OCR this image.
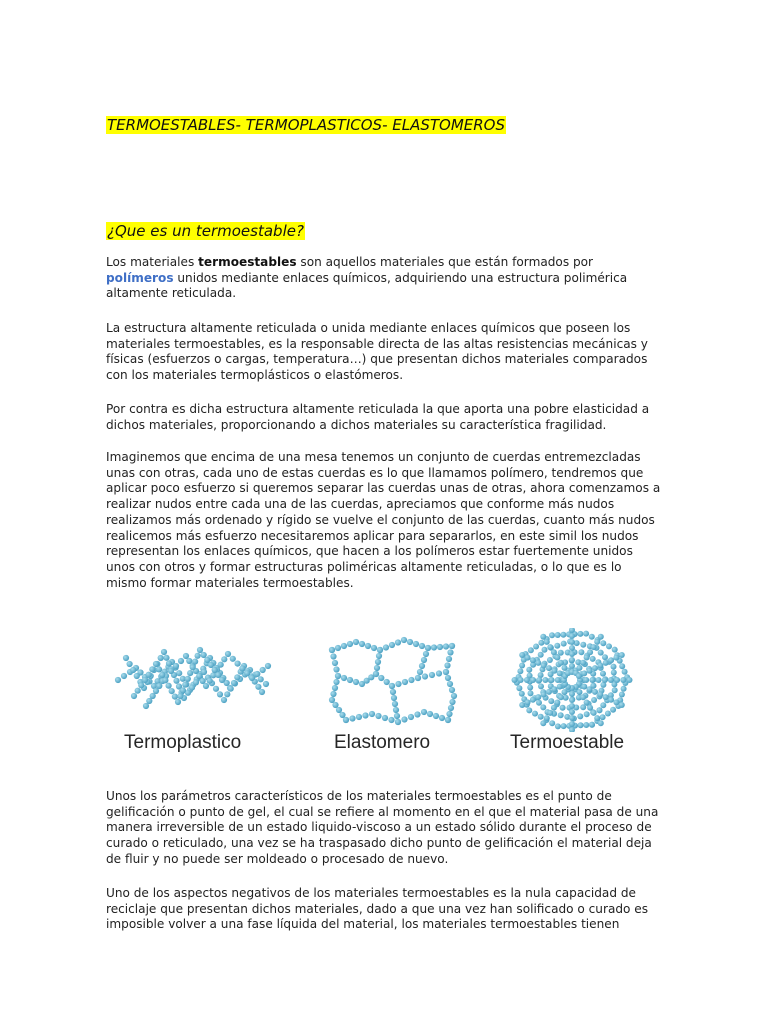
TERMOESTABLES- TERMOPLASTICOS- ELASTOMEROS
¿Que es un termoestable?

Los materiales termoestables son aquellos materiales que están formados por polímeros unidos mediante enlaces químicos, adquiriendo una estructura polimérica altamente reticulada.

La estructura altamente reticulada o unida mediante enlaces químicos que poseen los materiales termoestables, es la responsable directa de las altas resistencias mecánicas y físicas (esfuerzos o cargas, temperatura…) que presentan dichos materiales comparados con los materiales termoplásticos o elastómeros.

Por contra es dicha estructura altamente reticulada la que aporta una pobre elasticidad a dichos materiales, proporcionando a dichos materiales su característica fragilidad.

Imaginemos que encima de una mesa tenemos un conjunto de cuerdas entremezcladas unas con otras, cada uno de estas cuerdas es lo que llamamos polímero, tendremos que aplicar poco esfuerzo si queremos separar las cuerdas unas de otras, ahora comenzamos a realizar nudos entre cada una de las cuerdas, apreciamos que conforme más nudos realizamos más ordenado y rígido se vuelve el conjunto de las cuerdas, cuanto más nudos realicemos más esfuerzo necesitaremos aplicar para separarlos, en este simil los nudos representan los enlaces químicos, que hacen a los polímeros estar fuertemente unidos unos con otros y formar estructuras poliméricas altamente reticuladas, o lo que es lo mismo formar materiales termoestables.

Termoplastico	Elastomero	Termoestable

Unos los parámetros característicos de los materiales termoestables es el punto de gelificación o punto de gel, el cual se refiere al momento en el que el material pasa de una manera irreversible de un estado liquido-viscoso a un estado sólido durante el proceso de curado o reticulado, una vez se ha traspasado dicho punto de gelificación el material deja de fluir y no puede ser moldeado o procesado de nuevo.

Uno de los aspectos negativos de los materiales termoestables es la nula capacidad de reciclaje que presentan dichos materiales, dado a que una vez han solificado o curado es imposible volver a una fase líquida del material, los materiales termoestables tienen
